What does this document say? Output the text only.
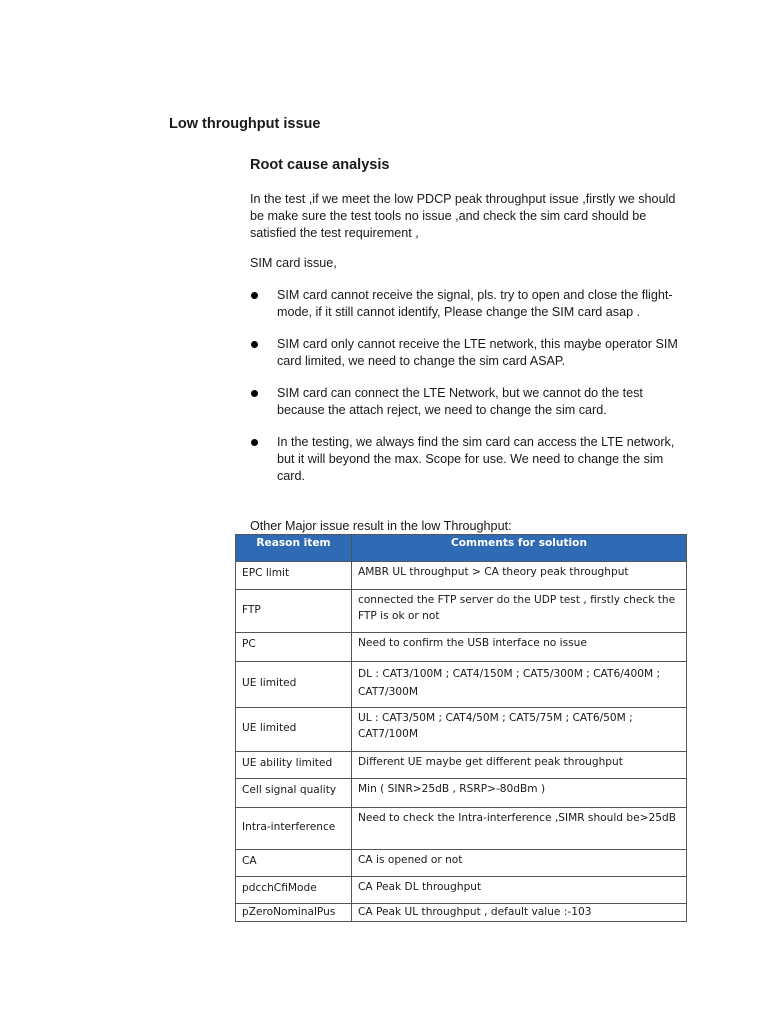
Low throughput issue
Root cause analysis

In the test ,if we meet the low PDCP peak throughput issue ,firstly we should be make sure the test tools no issue ,and check the sim card should be satisfied the test requirement ,

SIM card issue,

SIM card cannot receive the signal, pls. try to open and close the flight- mode, if it still cannot identify, Please change the SIM card asap .
SIM card only cannot receive the LTE network, this maybe operator SIM card limited, we need to change the sim card ASAP.
SIM card can connect the LTE Network, but we cannot do the test because the attach reject, we need to change the sim card.
In the testing, we always find the sim card can access the LTE network, but it will beyond the max. Scope for use. We need to change the sim card.

Other Major issue result in the low Throughput:

Reason item	Comments for solution
EPC limit	AMBR UL throughput > CA theory peak throughput
FTP	connected the FTP server do the UDP test , firstly check the FTP is ok or not
PC	Need to confirm the USB interface no issue
UE limited	DL : CAT3/100M ; CAT4/150M ; CAT5/300M ; CAT6/400M ; CAT7/300M
UE limited	UL : CAT3/50M ; CAT4/50M ; CAT5/75M ; CAT6/50M ; CAT7/100M
UE ability limited	Different UE maybe get different peak throughput
Cell signal quality	Min ( SINR>25dB , RSRP>-80dBm )
Intra-interference	Need to check the Intra-interference ,SIMR should be>25dB
CA	CA is opened or not
pdcchCfiMode	CA Peak DL throughput
pZeroNominalPus	CA Peak UL throughput , default value :-103
